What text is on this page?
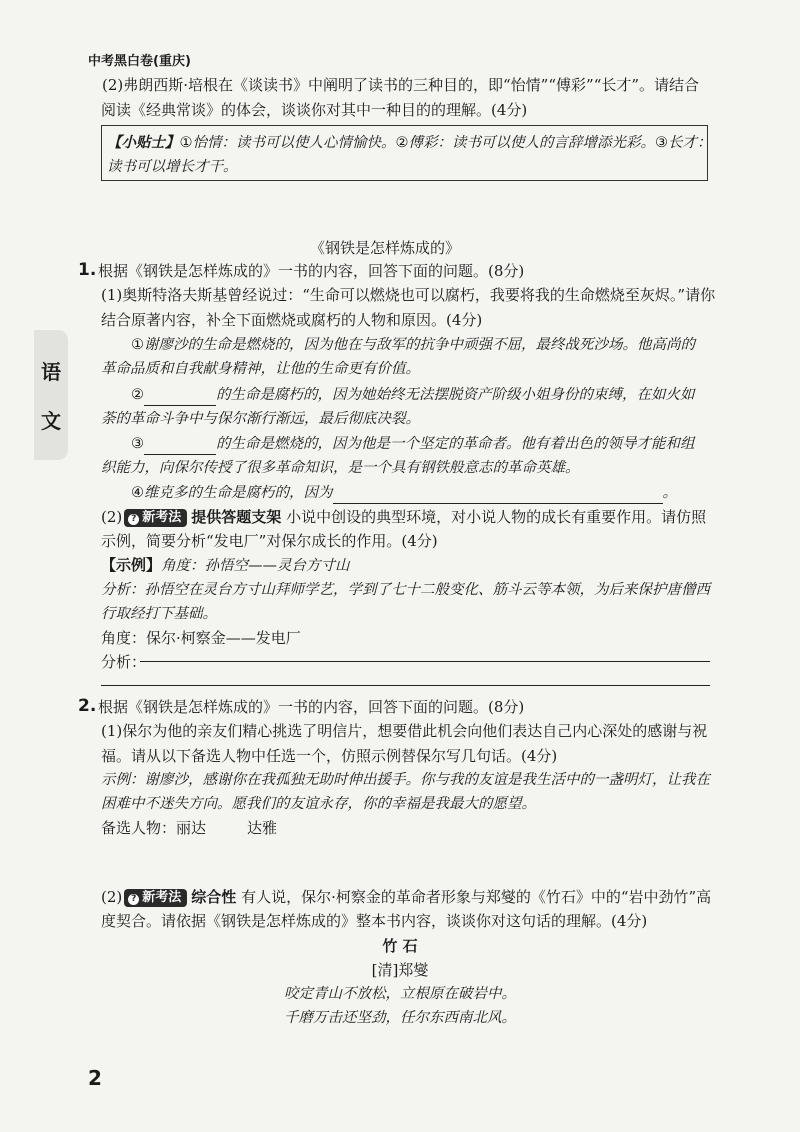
中考黑白卷(重庆)
(2)弗朗西斯·培根在《谈读书》中阐明了读书的三种目的，即“怡情”“傅彩”“长才”。请结合
阅读《经典常谈》的体会，谈谈你对其中一种目的的理解。(4分)
【小贴士】①怡情：读书可以使人心情愉快。②傅彩：读书可以使人的言辞增添光彩。③长才：
读书可以增长才干。
《钢铁是怎样炼成的》
语
文
1. 根据《钢铁是怎样炼成的》一书的内容，回答下面的问题。(8分)
(1)奥斯特洛夫斯基曾经说过：“生命可以燃烧也可以腐朽，我要将我的生命燃烧至灰烬。”请你
结合原著内容，补全下面燃烧或腐朽的人物和原因。(4分)
①谢廖沙的生命是燃烧的，因为他在与敌军的抗争中顽强不屈，最终战死沙场。他高尚的
革命品质和自我献身精神，让他的生命更有价值。
②	的生命是腐朽的，因为她始终无法摆脱资产阶级小姐身份的束缚，在如火如
荼的革命斗争中与保尔渐行渐远，最后彻底决裂。
③	的生命是燃烧的，因为他是一个坚定的革命者。他有着出色的领导才能和组
织能力，向保尔传授了很多革命知识，是一个具有钢铁般意志的革命英雄。
④维克多的生命是腐朽的，因为	。
(2) ? 新考法 提供答题支架 小说中创设的典型环境，对小说人物的成长有重要作用。请仿照
示例，简要分析“发电厂”对保尔成长的作用。(4分)
【示例】角度：孙悟空——灵台方寸山
分析：孙悟空在灵台方寸山拜师学艺，学到了七十二般变化、筋斗云等本领，为后来保护唐僧西
行取经打下基础。
角度：保尔·柯察金——发电厂
分析：
2. 根据《钢铁是怎样炼成的》一书的内容，回答下面的问题。(8分)
(1)保尔为他的亲友们精心挑选了明信片，想要借此机会向他们表达自己内心深处的感谢与祝
福。请从以下备选人物中任选一个，仿照示例替保尔写几句话。(4分)
示例：谢廖沙，感谢你在我孤独无助时伸出援手。你与我的友谊是我生活中的一盏明灯，让我在
困难中不迷失方向。愿我们的友谊永存，你的幸福是我最大的愿望。
备选人物：丽达	达雅
(2) ? 新考法 综合性 有人说，保尔·柯察金的革命者形象与郑燮的《竹石》中的“岩中劲竹”高
度契合。请依据《钢铁是怎样炼成的》整本书内容，谈谈你对这句话的理解。(4分)
竹 石
[清]郑燮
咬定青山不放松，立根原在破岩中。
千磨万击还坚劲，任尔东西南北风。
2
